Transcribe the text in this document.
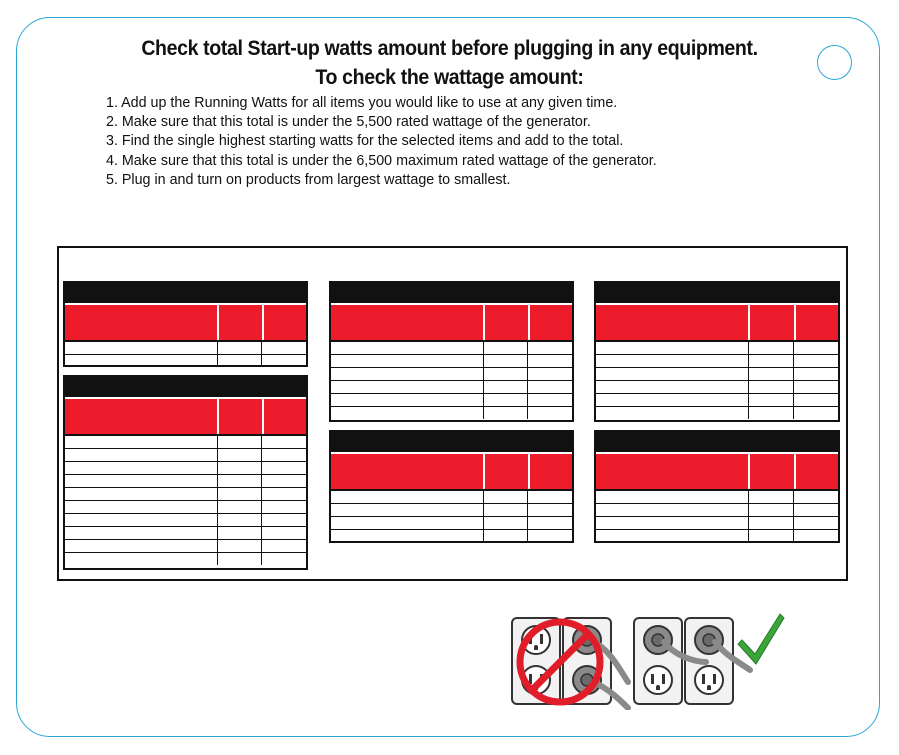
Check total Start-up watts amount before plugging in any equipment.
To check the wattage amount:
1. Add up the Running Watts for all items you would like to use at any given time.
2. Make sure that this total is under the 5,500 rated wattage of the generator.
3. Find the single highest starting watts for the selected items and add to the total.
4. Make sure that this total is under the 6,500 maximum rated wattage of the generator.
5. Plug in and turn on products from largest wattage to smallest.
